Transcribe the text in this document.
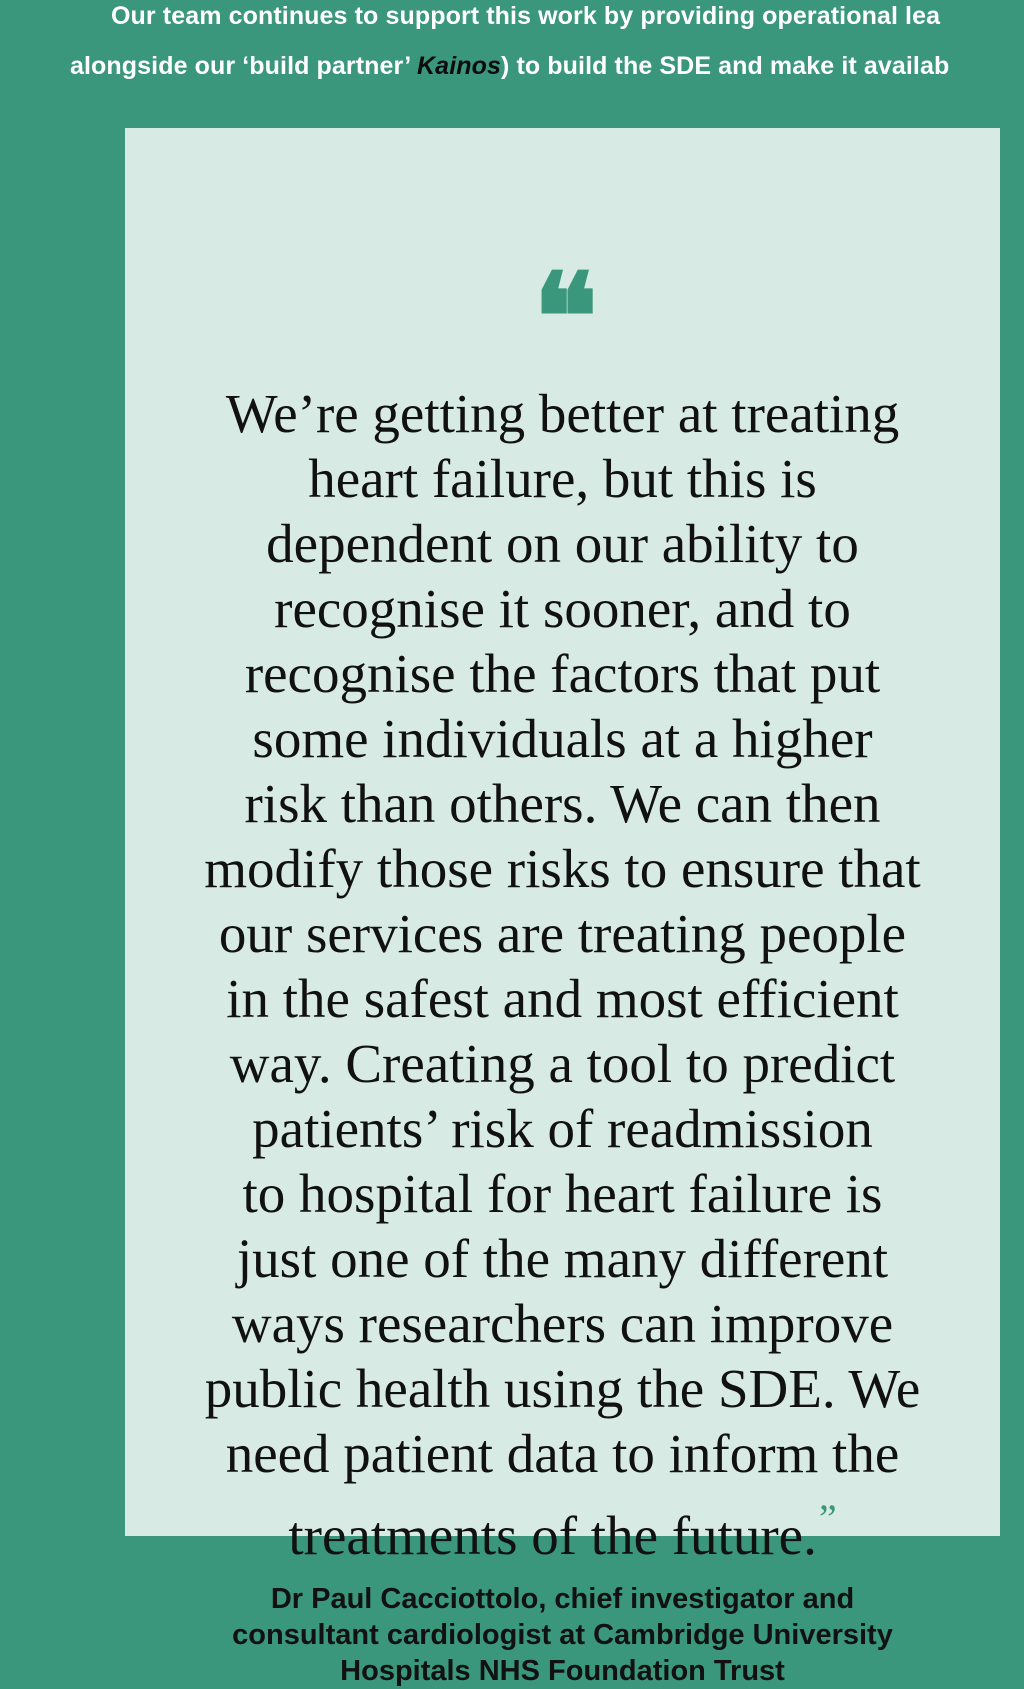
Our team continues to support this work by providing operational lea
alongside our ‘build partner’ Kainos) to build the SDE and make it availab
❝

We’re getting better at treating
heart failure, but this is
dependent on our ability to
recognise it sooner, and to
recognise the factors that put
some individuals at a higher
risk than others. We can then
modify those risks to ensure that
our services are treating people
in the safest and most efficient
way. Creating a tool to predict
patients’ risk of readmission
to hospital for heart failure is
just one of the many different
ways researchers can improve
public health using the SDE. We
need patient data to inform the
treatments of the future.”

Dr Paul Cacciottolo, chief investigator and
consultant cardiologist at Cambridge University
Hospitals NHS Foundation Trust
